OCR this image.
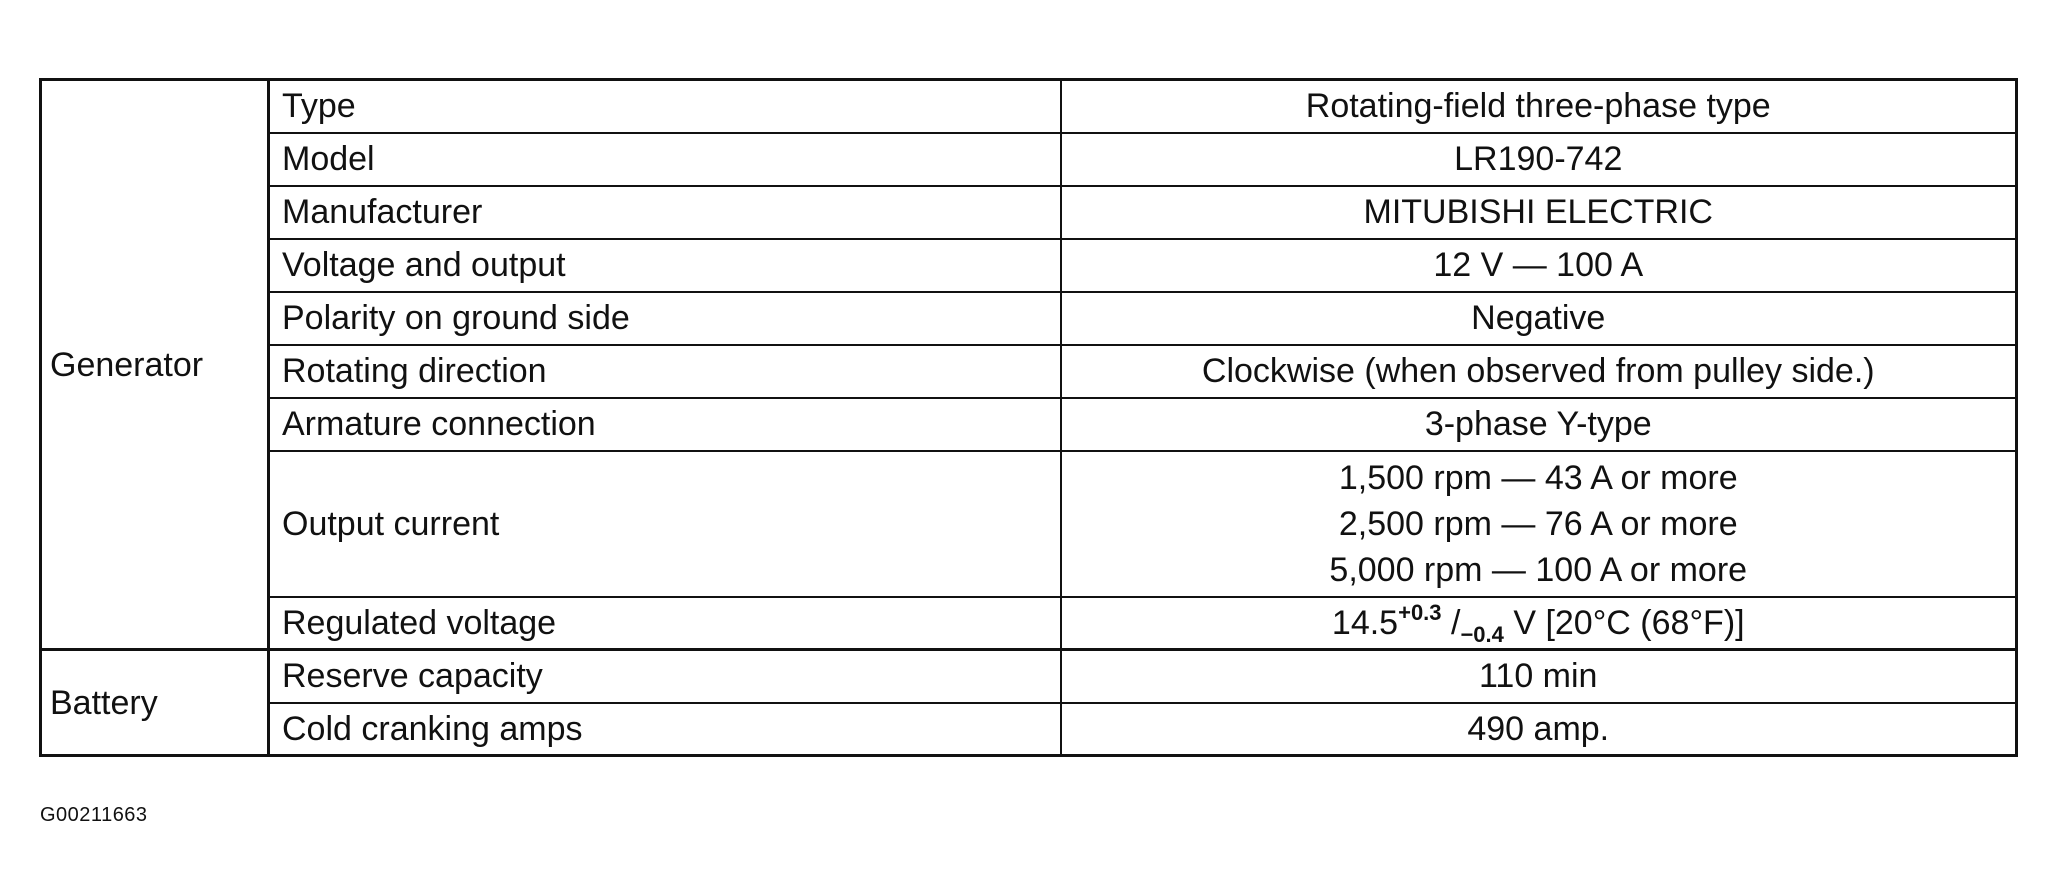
Generator	Type	Rotating-field three-phase type
	Model	LR190-742
	Manufacturer	MITUBISHI ELECTRIC
	Voltage and output	12 V — 100 A
	Polarity on ground side	Negative
	Rotating direction	Clockwise (when observed from pulley side.)
	Armature connection	3-phase Y-type
	Output current	1,500 rpm — 43 A or more
2,500 rpm — 76 A or more
5,000 rpm — 100 A or more

	Regulated voltage	$14.5^{+0.3}$ $/_{-0.4}$ V [20°C (68°F)]
Battery	Reserve capacity	110 min
	Cold cranking amps	490 amp.
G00211663
